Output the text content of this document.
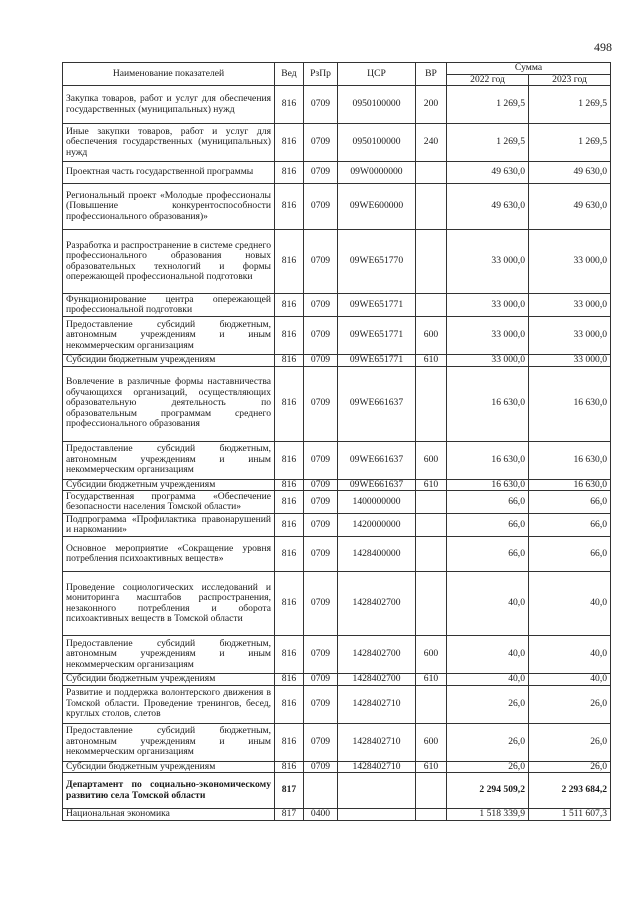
498
Наименование показателей	Вед	РзПр	ЦСР	ВР	Сумма	
					2022 год	2023 год
Закупка товаров, работ и услуг для обеспечения государственных (муниципальных) нужд	816	0709	0950100000	200	1 269,5	1 269,5
Иные закупки товаров, работ и услуг для обеспечения государственных (муниципальных) нужд	816	0709	0950100000	240	1 269,5	1 269,5
Проектная часть государственной программы	816	0709	09W0000000		49 630,0	49 630,0
Региональный проект «Молодые профессионалы (Повышение конкурентоспособности профессионального образования)»	816	0709	09WE600000		49 630,0	49 630,0
Разработка и распространение в системе среднего профессионального образования новых образовательных технологий и формы опережающей профессиональной подготовки	816	0709	09WE651770		33 000,0	33 000,0
Функционирование центра опережающей профессиональной подготовки	816	0709	09WE651771		33 000,0	33 000,0
Предоставление субсидий бюджетным, автономным учреждениям и иным некоммерческим организациям	816	0709	09WE651771	600	33 000,0	33 000,0
Субсидии бюджетным учреждениям	816	0709	09WE651771	610	33 000,0	33 000,0
Вовлечение в различные формы наставничества обучающихся организаций, осуществляющих образовательную деятельность по образовательным программам среднего профессионального образования	816	0709	09WE661637		16 630,0	16 630,0
Предоставление субсидий бюджетным, автономным учреждениям и иным некоммерческим организациям	816	0709	09WE661637	600	16 630,0	16 630,0
Субсидии бюджетным учреждениям	816	0709	09WE661637	610	16 630,0	16 630,0
Государственная программа «Обеспечение безопасности населения Томской области»	816	0709	1400000000		66,0	66,0
Подпрограмма «Профилактика правонарушений и наркомании»	816	0709	1420000000		66,0	66,0
Основное мероприятие «Сокращение уровня потребления психоактивных веществ»	816	0709	1428400000		66,0	66,0
Проведение социологических исследований и мониторинга масштабов распространения, незаконного потребления и оборота психоактивных веществ в Томской области	816	0709	1428402700		40,0	40,0
Предоставление субсидий бюджетным, автономным учреждениям и иным некоммерческим организациям	816	0709	1428402700	600	40,0	40,0
Субсидии бюджетным учреждениям	816	0709	1428402700	610	40,0	40,0
Развитие и поддержка волонтерского движения в Томской области. Проведение тренингов, бесед, круглых столов, слетов	816	0709	1428402710		26,0	26,0
Предоставление субсидий бюджетным, автономным учреждениям и иным некоммерческим организациям	816	0709	1428402710	600	26,0	26,0
Субсидии бюджетным учреждениям	816	0709	1428402710	610	26,0	26,0
Департамент по социально-экономическому развитию села Томской области	817				2 294 509,2	2 293 684,2
Национальная экономика	817	0400			1 518 339,9	1 511 607,3
